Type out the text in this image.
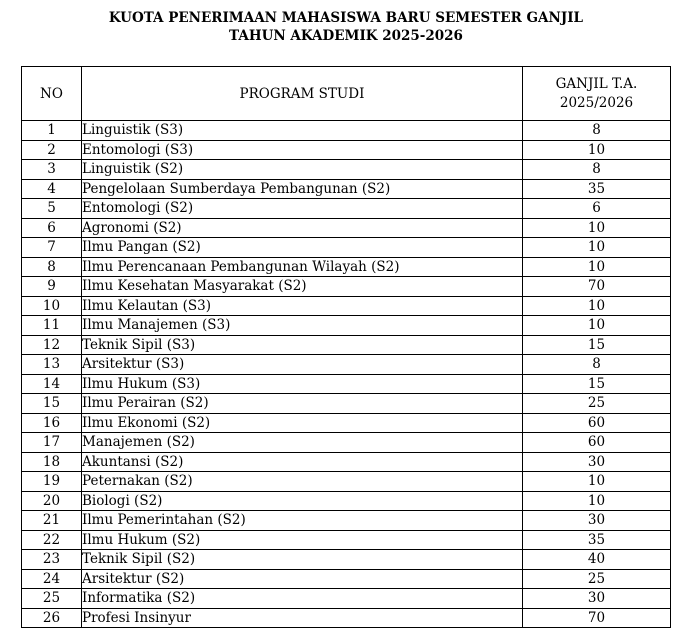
KUOTA PENERIMAAN MAHASISWA BARU SEMESTER GANJIL
TAHUN AKADEMIK 2025-2026
NO	PROGRAM STUDI	GANJIL T.A.
2025/2026

1	Linguistik (S3)	8
2	Entomologi (S3)	10
3	Linguistik (S2)	8
4	Pengelolaan Sumberdaya Pembangunan (S2)	35
5	Entomologi (S2)	6
6	Agronomi (S2)	10
7	Ilmu Pangan (S2)	10
8	Ilmu Perencanaan Pembangunan Wilayah (S2)	10
9	Ilmu Kesehatan Masyarakat (S2)	70
10	Ilmu Kelautan (S3)	10
11	Ilmu Manajemen (S3)	10
12	Teknik Sipil (S3)	15
13	Arsitektur (S3)	8
14	Ilmu Hukum (S3)	15
15	Ilmu Perairan (S2)	25
16	Ilmu Ekonomi (S2)	60
17	Manajemen (S2)	60
18	Akuntansi (S2)	30
19	Peternakan (S2)	10
20	Biologi (S2)	10
21	Ilmu Pemerintahan (S2)	30
22	Ilmu Hukum (S2)	35
23	Teknik Sipil (S2)	40
24	Arsitektur (S2)	25
25	Informatika (S2)	30
26	Profesi Insinyur	70
